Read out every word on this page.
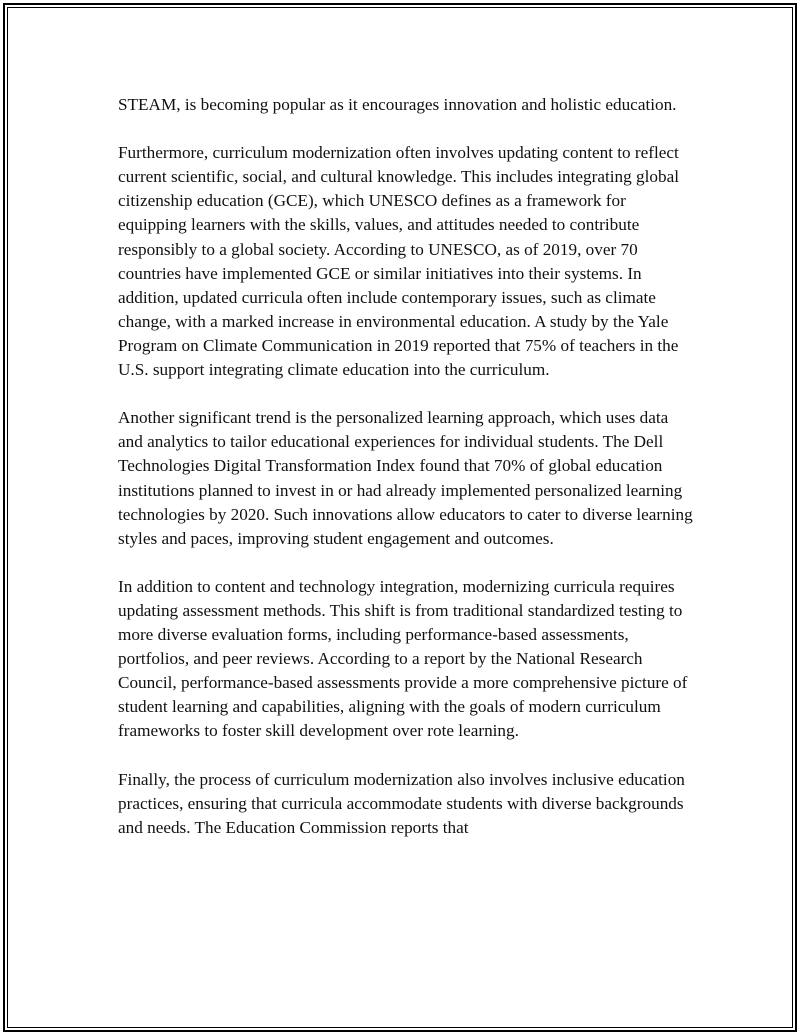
STEAM, is becoming popular as it encourages innovation and holistic education.

Furthermore, curriculum modernization often involves updating content to reflect current scientific, social, and cultural knowledge. This includes integrating global citizenship education (GCE), which UNESCO defines as a framework for equipping learners with the skills, values, and attitudes needed to contribute responsibly to a global society. According to UNESCO, as of 2019, over 70 countries have implemented GCE or similar initiatives into their systems. In addition, updated curricula often include contemporary issues, such as climate change, with a marked increase in environmental education. A study by the Yale Program on Climate Communication in 2019 reported that 75% of teachers in the U.S. support integrating climate education into the curriculum.

Another significant trend is the personalized learning approach, which uses data and analytics to tailor educational experiences for individual students. The Dell Technologies Digital Transformation Index found that 70% of global education institutions planned to invest in or had already implemented personalized learning technologies by 2020. Such innovations allow educators to cater to diverse learning styles and paces, improving student engagement and outcomes.

In addition to content and technology integration, modernizing curricula requires updating assessment methods. This shift is from traditional standardized testing to more diverse evaluation forms, including performance-based assessments, portfolios, and peer reviews. According to a report by the National Research Council, performance-based assessments provide a more comprehensive picture of student learning and capabilities, aligning with the goals of modern curriculum frameworks to foster skill development over rote learning.

Finally, the process of curriculum modernization also involves inclusive education practices, ensuring that curricula accommodate students with diverse backgrounds and needs. The Education Commission reports that
